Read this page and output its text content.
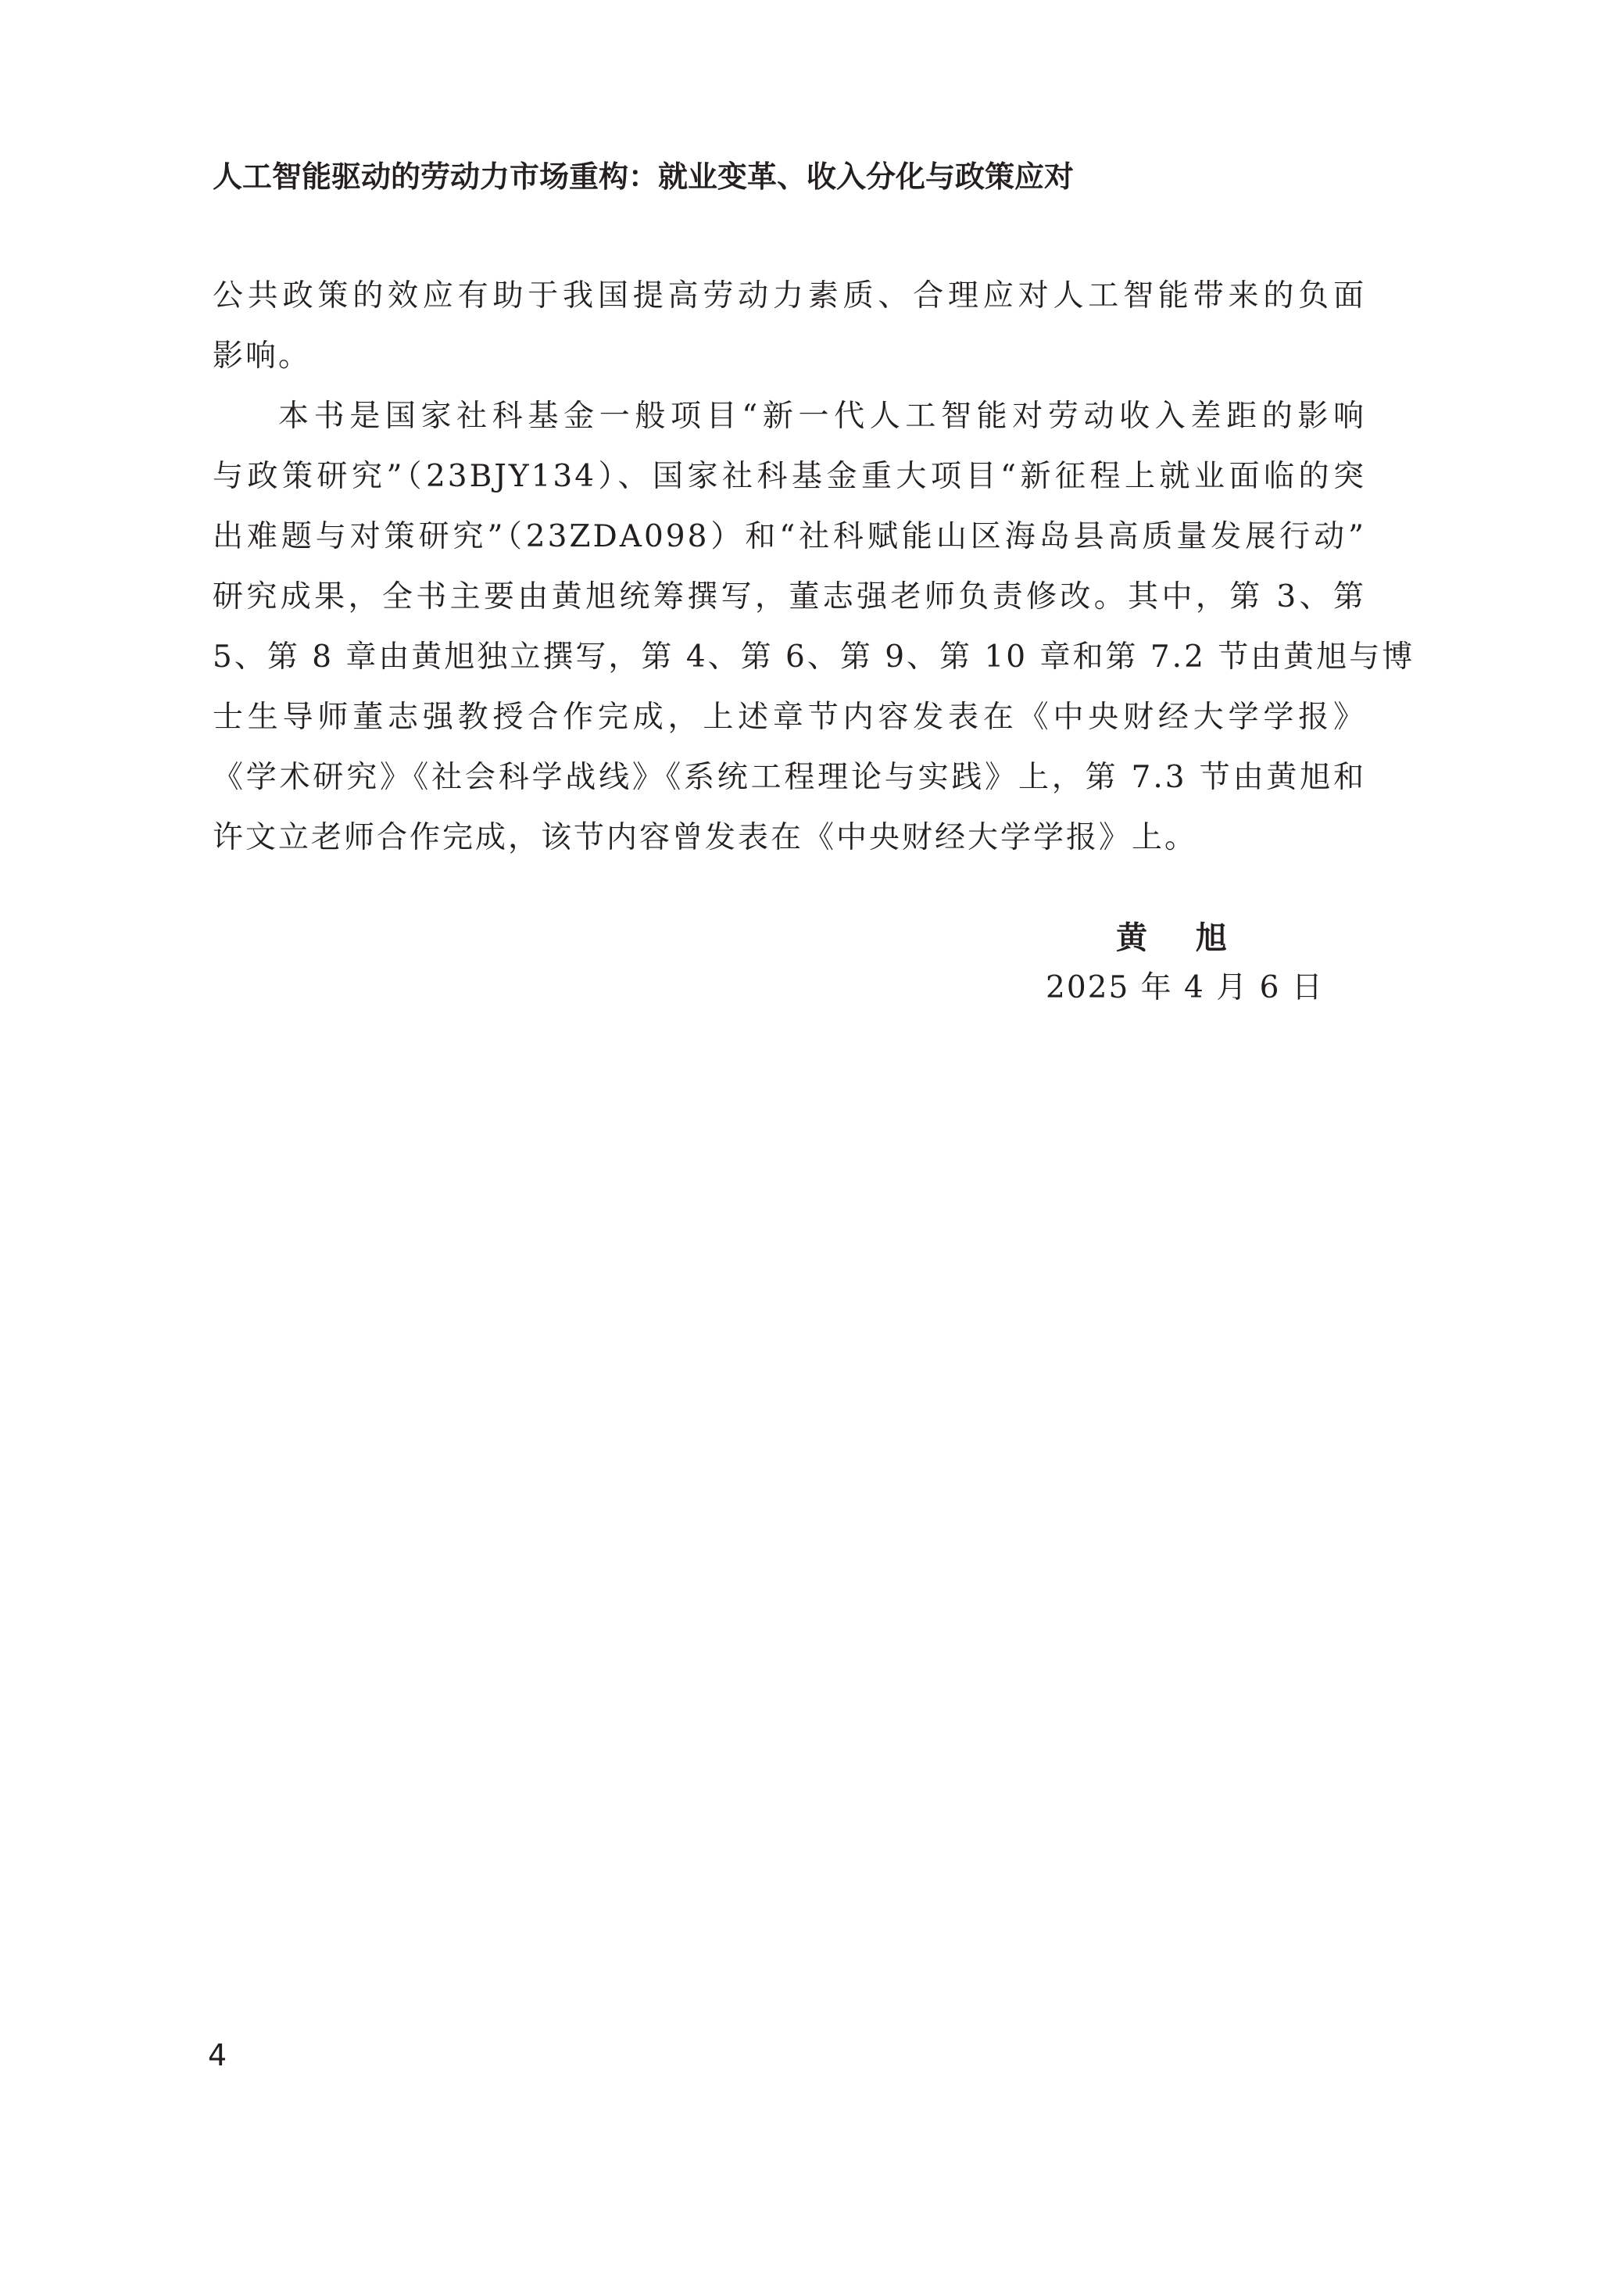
人工智能驱动的劳动力市场重构：就业变革、收入分化与政策应对
公共政策的效应有助于我国提高劳动力素质、合理应对人工智能带来的负面
影响。
本书是国家社科基金一般项目“新一代人工智能对劳动收入差距的影响
与政策研究”（23BJY134）、国家社科基金重大项目“新征程上就业面临的突
出难题与对策研究”（23ZDA098）和“社科赋能山区海岛县高质量发展行动”
研究成果，全书主要由黄旭统筹撰写，董志强老师负责修改。其中，第 3、第
5、第 8 章由黄旭独立撰写，第 4、第 6、第 9、第 10 章和第 7.2 节由黄旭与博
士生导师董志强教授合作完成，上述章节内容发表在《中央财经大学学报》
《学术研究》《社会科学战线》《系统工程理论与实践》上，第 7.3 节由黄旭和
许文立老师合作完成，该节内容曾发表在《中央财经大学学报》上。
黄 旭
2025 年 4 月 6 日
4
